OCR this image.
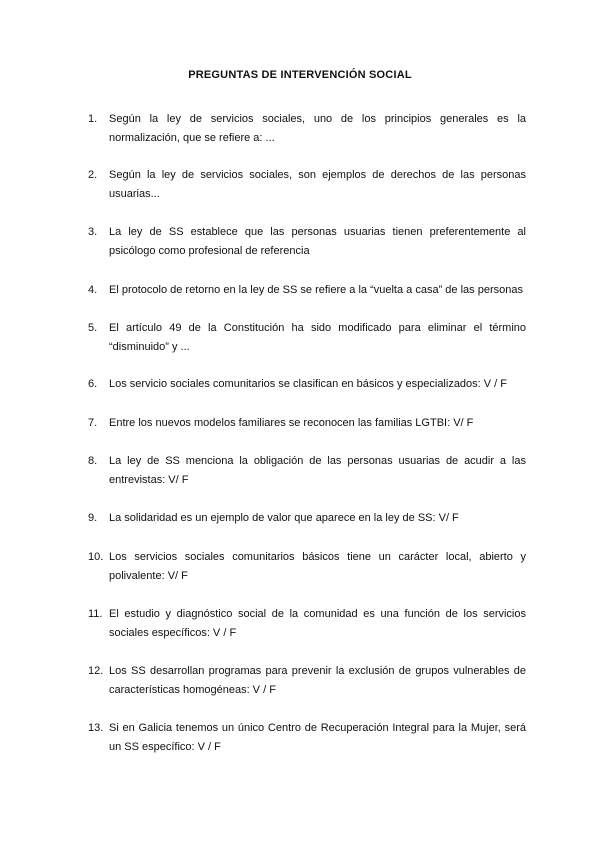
PREGUNTAS DE INTERVENCIÓN SOCIAL
1.	Según la ley de servicios sociales, uno de los principios generales es la normalización, que se refiere a: ...
2.	Según la ley de servicios sociales, son ejemplos de derechos de las personas usuarias...
3.	La ley de SS establece que las personas usuarias tienen preferentemente al psicólogo como profesional de referencia
4.	El protocolo de retorno en la ley de SS se refiere a la “vuelta a casa” de las personas
5.	El artículo 49 de la Constitución ha sido modificado para eliminar el término “disminuido” y ...
6.	Los servicio sociales comunitarios se clasifican en básicos y especializados: V / F
7.	Entre los nuevos modelos familiares se reconocen las familias LGTBI: V/ F
8.	La ley de SS menciona la obligación de las personas usuarias de acudir a las entrevistas: V/ F
9.	La solidaridad es un ejemplo de valor que aparece en la ley de SS: V/ F
10. Los servicios sociales comunitarios básicos tiene un carácter local, abierto y polivalente: V/ F
11. El estudio y diagnóstico social de la comunidad es una función de los servicios sociales específicos: V / F
12. Los SS desarrollan programas para prevenir la exclusión de grupos vulnerables de características homogéneas: V / F
13. Si en Galicia tenemos un único Centro de Recuperación Integral para la Mujer, será un SS específico: V / F
